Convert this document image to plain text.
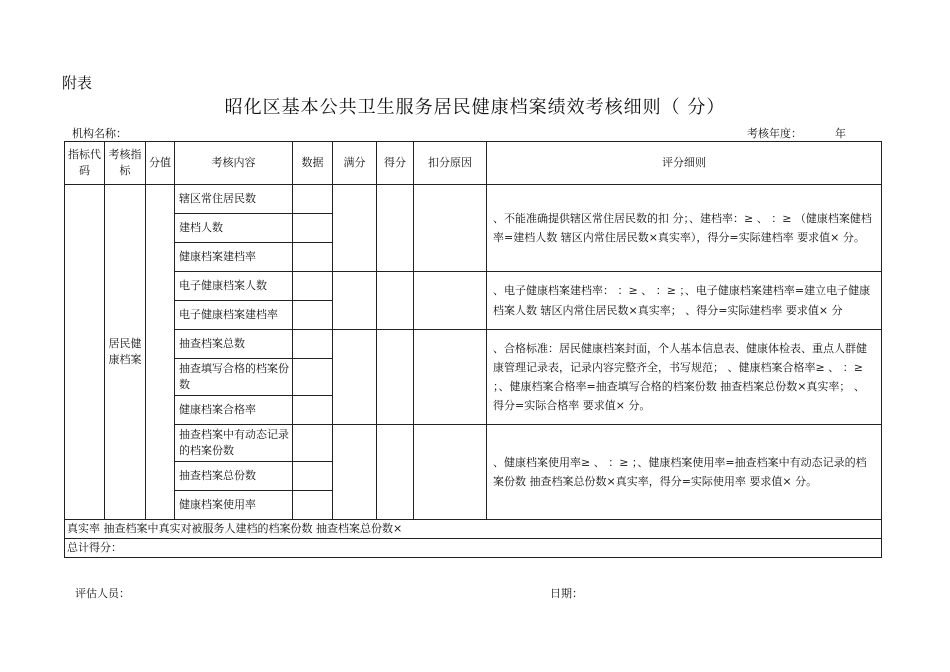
附表
昭化区基本公共卫生服务居民健康档案绩效考核细则（ 分）
机构名称：	考核年度：	年
指标代码	考核指标	分值	考核内容	数据	满分	得分	扣分原因	评分细则
	居民健康档案		辖区常住居民数					、不能准确提供辖区常住居民数的扣 分；、建档率：≥ 、 ：≥ （健康档案健档率=建档人数 辖区内常住居民数×真实率），得分=实际建档率 要求值× 分。
			建档人数					
			健康档案建档率					
			电子健康档案人数					、电子健康档案建档率： ：≥ 、 ：≥ ；、电子健康档案建档率=建立电子健康档案人数 辖区内常住居民数×真实率； 、得分=实际建档率 要求值× 分
			电子健康档案建档率					
			抽查档案总数					、合格标准：居民健康档案封面，个人基本信息表、健康体检表、重点人群健康管理记录表，记录内容完整齐全，书写规范； 、健康档案合格率≥ 、 ：≥ ；、健康档案合格率=抽查填写合格的档案份数 抽查档案总份数×真实率； 、得分=实际合格率 要求值× 分。
			抽查填写合格的档案份数					
			健康档案合格率					
			抽查档案中有动态记录的档案份数					、健康档案使用率≥ 、 ：≥ ；、健康档案使用率=抽查档案中有动态记录的档案份数 抽查档案总份数×真实率，得分=实际使用率 要求值× 分。
			抽查档案总份数					
			健康档案使用率					
真实率 抽查档案中真实对被服务人建档的档案份数 抽查档案总份数×								
总计得分：								
评估人员：	日期：
